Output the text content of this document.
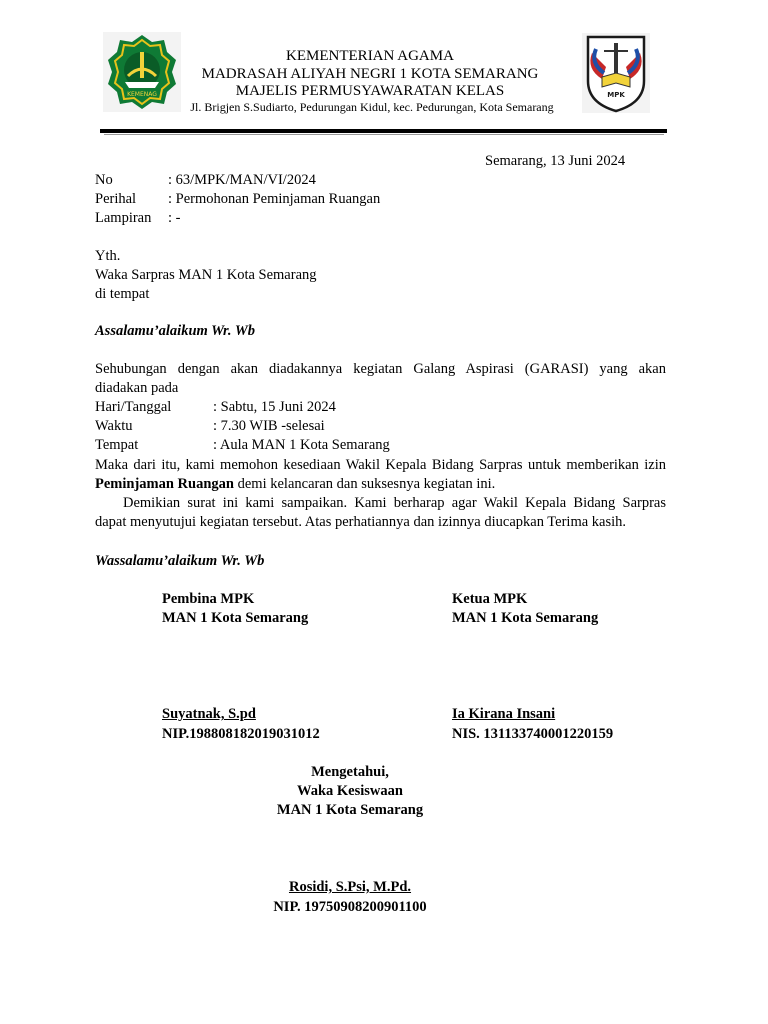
KEMENAG
KEMENTERIAN AGAMA
MADRASAH ALIYAH NEGRI 1 KOTA SEMARANG
MAJELIS PERMUSYAWARATAN KELAS
Jl. Brigjen S.Sudiarto, Pedurungan Kidul, kec. Pedurungan, Kota Semarang
MPK
Semarang, 13 Juni 2024
No	: 63/MPK/MAN/VI/2024
Perihal : Permohonan Peminjaman Ruangan
Lampiran : -
Yth.
Waka Sarpras MAN 1 Kota Semarang
di tempat
Assalamu’alaikum Wr. Wb
Sehubungan dengan akan diadakannya kegiatan Galang Aspirasi (GARASI) yang akan
diadakan pada
Hari/Tanggal	: Sabtu, 15 Juni 2024
Waktu	: 7.30 WIB -selesai
Tempat	: Aula MAN 1 Kota Semarang
Maka dari itu, kami memohon kesediaan Wakil Kepala Bidang Sarpras untuk memberikan izin
Peminjaman Ruangan demi kelancaran dan suksesnya kegiatan ini.
Demikian surat ini kami sampaikan. Kami berharap agar Wakil Kepala Bidang Sarpras
dapat menyutujui kegiatan tersebut. Atas perhatiannya dan izinnya diucapkan Terima kasih.
Wassalamu’alaikum Wr. Wb
Pembina MPK
MAN 1 Kota Semarang
Suyatnak, S.pd
NIP.198808182019031012
Ketua MPK
MAN 1 Kota Semarang
Ia Kirana Insani
NIS. 131133740001220159
Mengetahui,
Waka Kesiswaan
MAN 1 Kota Semarang
Rosidi, S.Psi, M.Pd.
NIP. 19750908200901100
